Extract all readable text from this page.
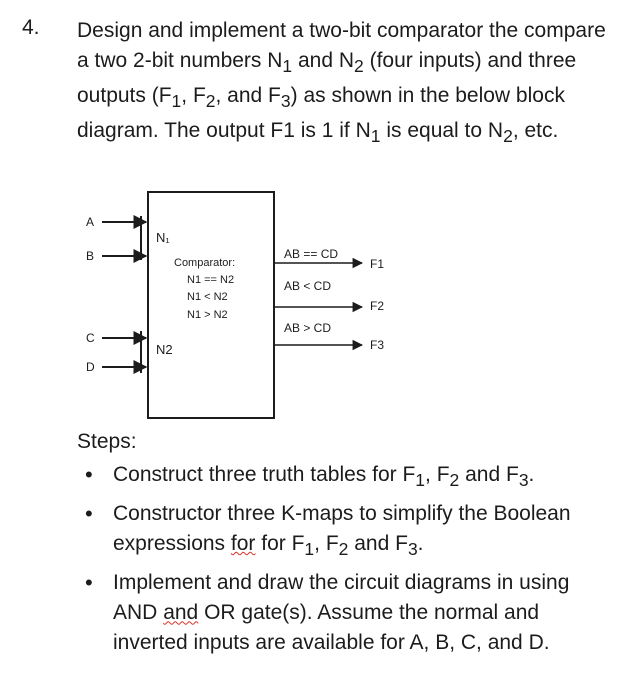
4. Design and implement a two-bit comparator the compare a two 2-bit numbers $N_1$ and $N_2$ (four inputs) and three outputs ($F_1$, $F_2$, and $F_3$) as shown in the below block diagram. The output F1 is 1 if $N_1$ is equal to $N_2$, etc.
A
B
C
D
N₁
N2
Comparator:
N1 == N2
N1 < N2
N1 > N2
AB == CD
AB < CD
AB > CD
F1
F2
F3
Steps:
• Construct three truth tables for $F_1$, $F_2$ and $F_3$.
• Constructor three K-maps to simplify the Boolean expressions for for $F_1$, $F_2$ and $F_3$.
• Implement and draw the circuit diagrams in using AND and OR gate(s). Assume the normal and inverted inputs are available for A, B, C, and D.
